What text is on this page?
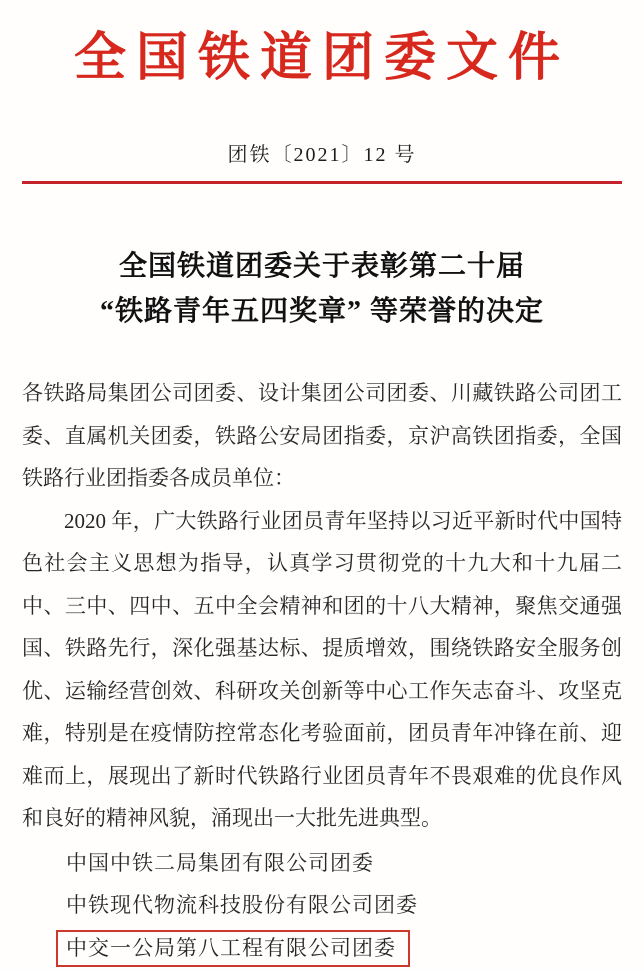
全国铁道团委文件
团铁〔2021〕12 号
全国铁道团委关于表彰第二十届
“铁路青年五四奖章” 等荣誉的决定

各铁路局集团公司团委、设计集团公司团委、川藏铁路公司团工委、直属机关团委，铁路公安局团指委，京沪高铁团指委，全国铁路行业团指委各成员单位：

2020 年，广大铁路行业团员青年坚持以习近平新时代中国特色社会主义思想为指导，认真学习贯彻党的十九大和十九届二中、三中、四中、五中全会精神和团的十八大精神，聚焦交通强国、铁路先行，深化强基达标、提质增效，围绕铁路安全服务创优、运输经营创效、科研攻关创新等中心工作矢志奋斗、攻坚克难，特别是在疫情防控常态化考验面前，团员青年冲锋在前、迎难而上，展现出了新时代铁路行业团员青年不畏艰难的优良作风和良好的精神风貌，涌现出一大批先进典型。

中国中铁二局集团有限公司团委
中铁现代物流科技股份有限公司团委
中交一公局第八工程有限公司团委
